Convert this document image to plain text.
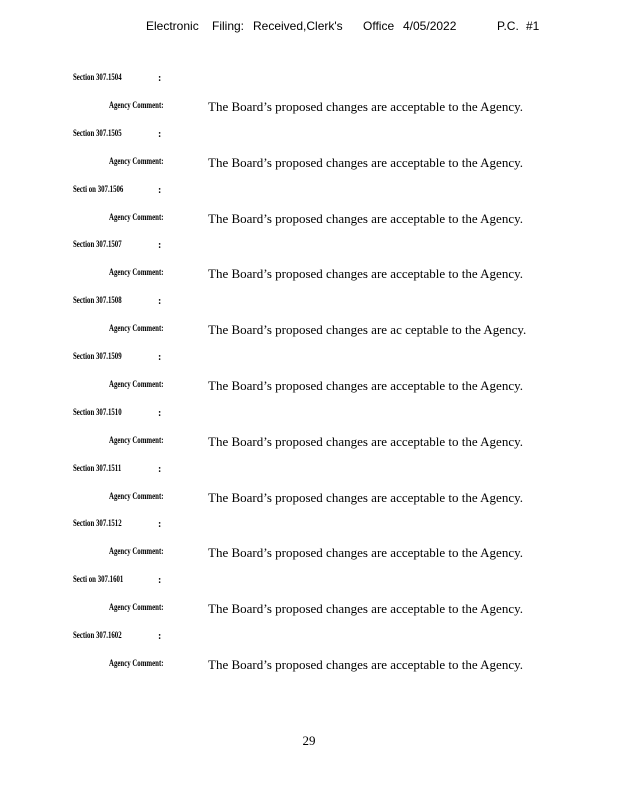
Electronic Filing: Received,Clerk's Office 4/05/2022	P.C. #1
Section 307.1504	:
Agency Comment:	The Board’s proposed changes are acceptable to the Agency.
Section 307.1505	:
Agency Comment:	The Board’s proposed changes are acceptable to the Agency.
Secti on 307.1506	:
Agency Comment:	The Board’s proposed changes are acceptable to the Agency.
Section 307.1507	:
Agency Comment:	The Board’s proposed changes are acceptable to the Agency.
Section 307.1508	:
Agency Comment:	The Board’s proposed changes are ac ceptable to the Agency.
Section 307.1509	:
Agency Comment:	The Board’s proposed changes are acceptable to the Agency.
Section 307.1510	:
Agency Comment:	The Board’s proposed changes are acceptable to the Agency.
Section 307.1511	:
Agency Comment:	The Board’s proposed changes are acceptable to the Agency.
Section 307.1512	:
Agency Comment:	The Board’s proposed changes are acceptable to the Agency.
Secti on 307.1601	:
Agency Comment:	The Board’s proposed changes are acceptable to the Agency.
Section 307.1602	:
Agency Comment:	The Board’s proposed changes are acceptable to the Agency.
29
